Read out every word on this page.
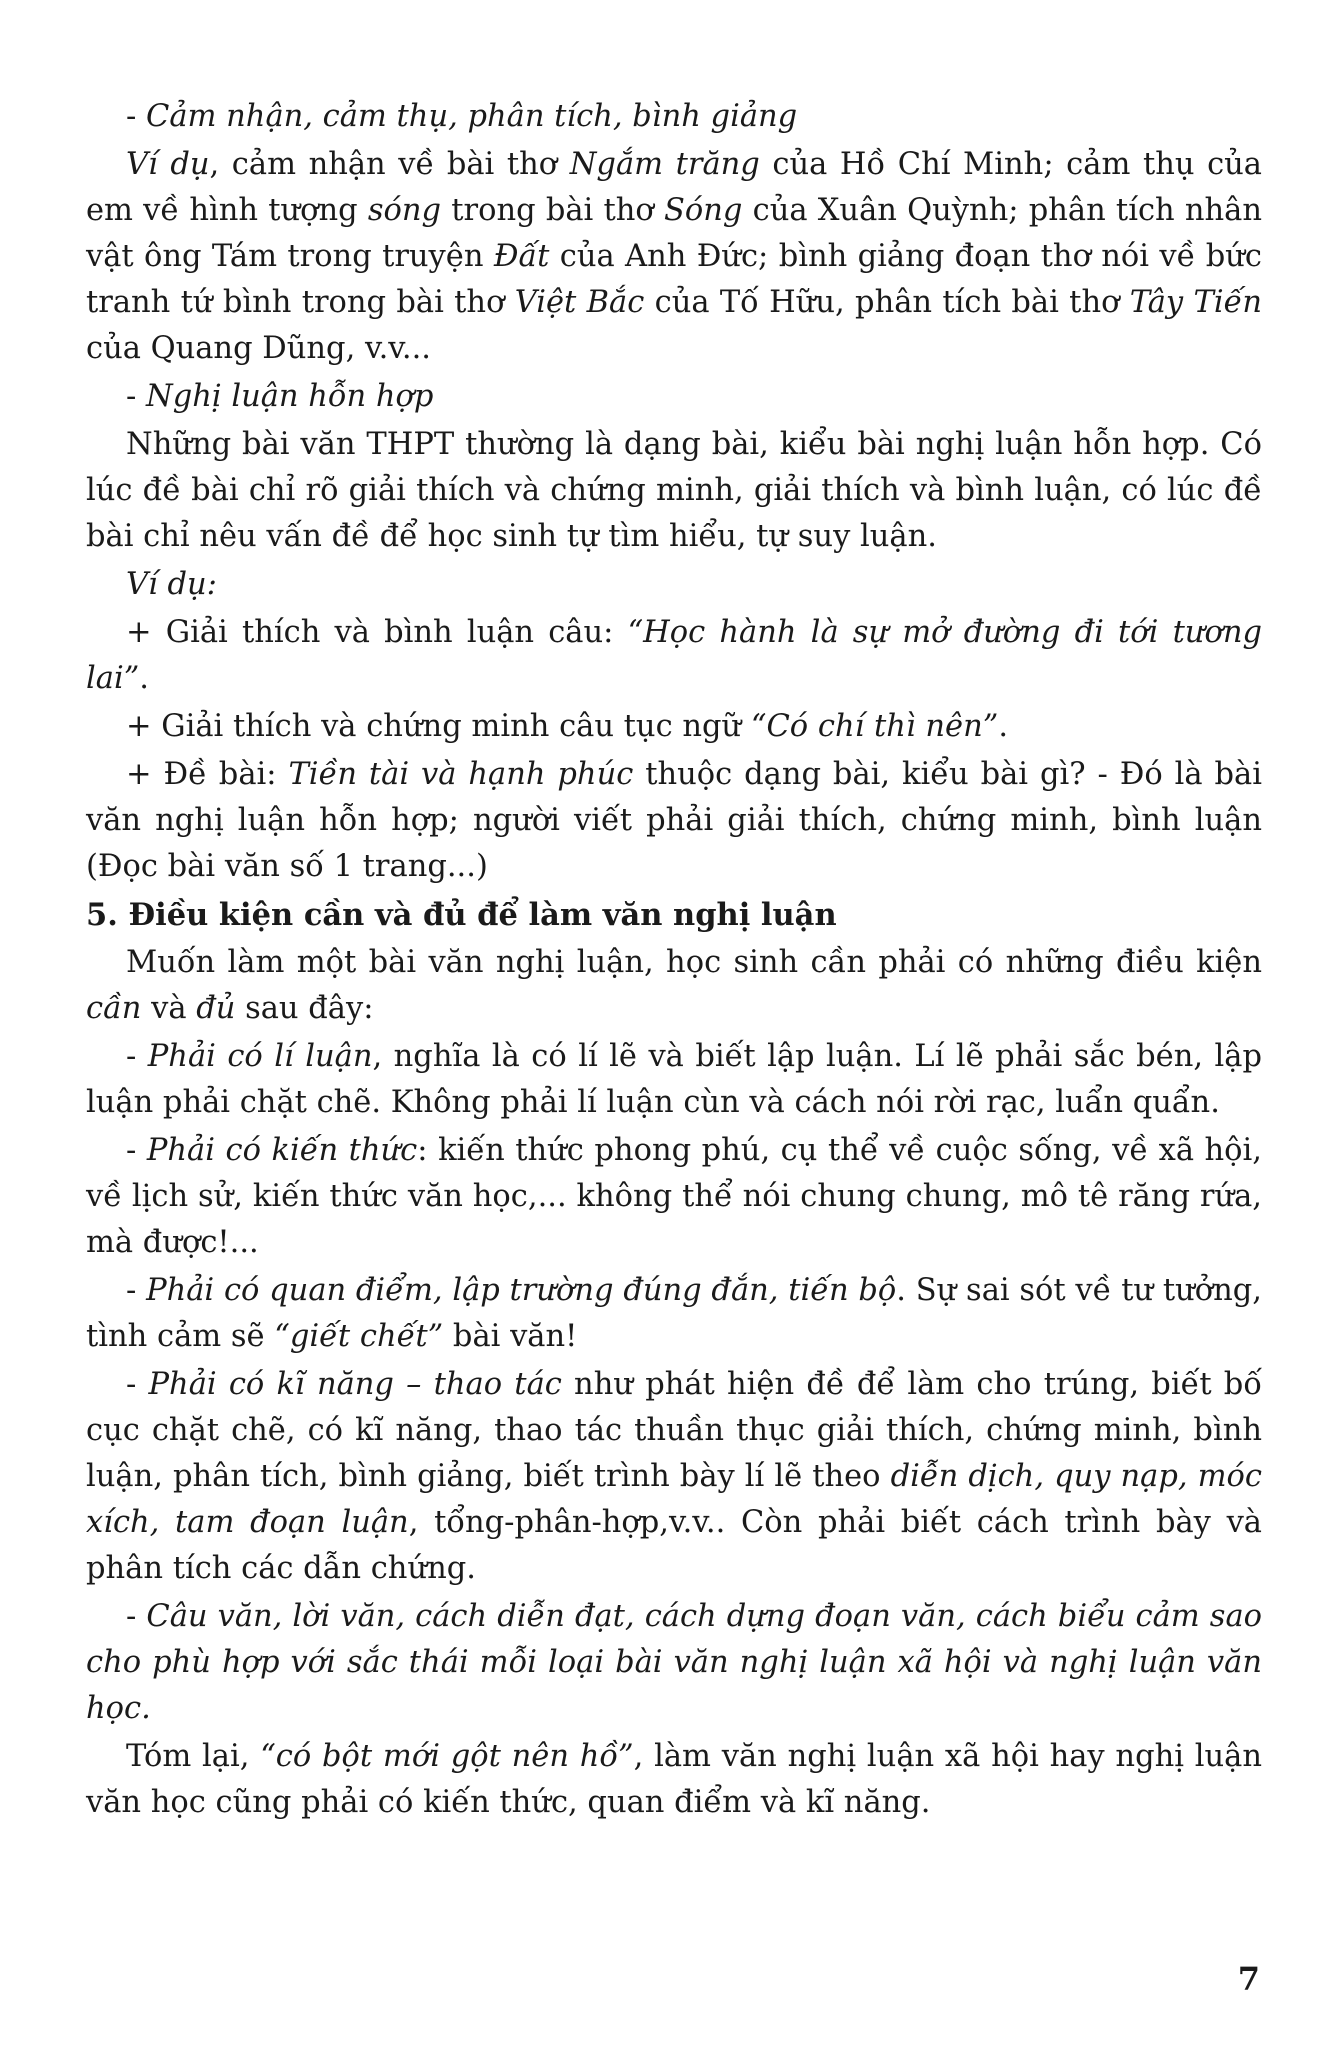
- Cảm nhận, cảm thụ, phân tích, bình giảng

Ví dụ, cảm nhận về bài thơ Ngắm trăng của Hồ Chí Minh; cảm thụ của em về hình tượng sóng trong bài thơ Sóng của Xuân Quỳnh; phân tích nhân vật ông Tám trong truyện Đất của Anh Đức; bình giảng đoạn thơ nói về bức tranh tứ bình trong bài thơ Việt Bắc của Tố Hữu, phân tích bài thơ Tây Tiến của Quang Dũng, v.v...

- Nghị luận hỗn hợp

Những bài văn THPT thường là dạng bài, kiểu bài nghị luận hỗn hợp. Có lúc đề bài chỉ rõ giải thích và chứng minh, giải thích và bình luận, có lúc đề bài chỉ nêu vấn đề để học sinh tự tìm hiểu, tự suy luận.

Ví dụ:

+ Giải thích và bình luận câu: “Học hành là sự mở đường đi tới tương lai”.

+ Giải thích và chứng minh câu tục ngữ “Có chí thì nên”.

+ Đề bài: Tiền tài và hạnh phúc thuộc dạng bài, kiểu bài gì? - Đó là bài văn nghị luận hỗn hợp; người viết phải giải thích, chứng minh, bình luận (Đọc bài văn số 1 trang...)

5. Điều kiện cần và đủ để làm văn nghị luận

Muốn làm một bài văn nghị luận, học sinh cần phải có những điều kiện cần và đủ sau đây:

- Phải có lí luận, nghĩa là có lí lẽ và biết lập luận. Lí lẽ phải sắc bén, lập luận phải chặt chẽ. Không phải lí luận cùn và cách nói rời rạc, luẩn quẩn.

- Phải có kiến thức: kiến thức phong phú, cụ thể về cuộc sống, về xã hội, về lịch sử, kiến thức văn học,... không thể nói chung chung, mô tê răng rứa, mà được!...

- Phải có quan điểm, lập trường đúng đắn, tiến bộ. Sự sai sót về tư tưởng, tình cảm sẽ “giết chết” bài văn!

- Phải có kĩ năng – thao tác như phát hiện đề để làm cho trúng, biết bố cục chặt chẽ, có kĩ năng, thao tác thuần thục giải thích, chứng minh, bình luận, phân tích, bình giảng, biết trình bày lí lẽ theo diễn dịch, quy nạp, móc xích, tam đoạn luận, tổng-phân-hợp,v.v.. Còn phải biết cách trình bày và phân tích các dẫn chứng.

- Câu văn, lời văn, cách diễn đạt, cách dựng đoạn văn, cách biểu cảm sao cho phù hợp với sắc thái mỗi loại bài văn nghị luận xã hội và nghị luận văn học.

Tóm lại, “có bột mới gột nên hồ”, làm văn nghị luận xã hội hay nghị luận văn học cũng phải có kiến thức, quan điểm và kĩ năng.

7
